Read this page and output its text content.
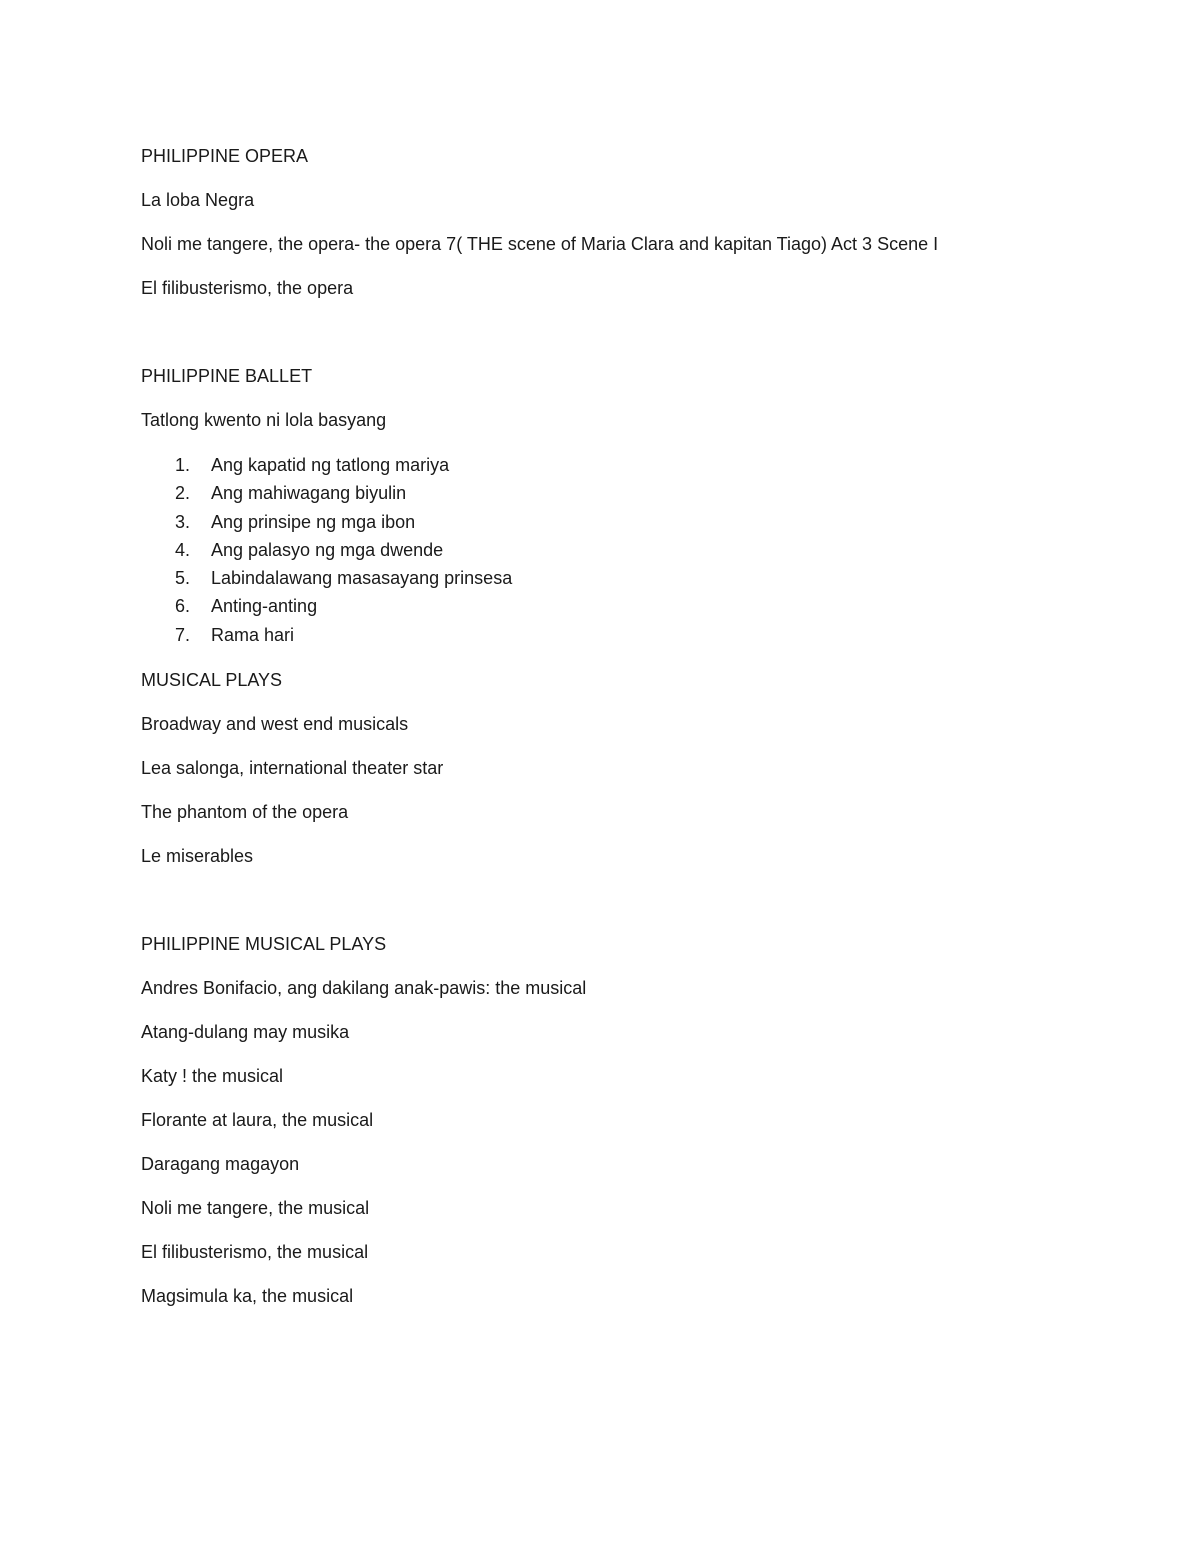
PHILIPPINE OPERA

La loba Negra

Noli me tangere, the opera- the opera 7( THE scene of Maria Clara and kapitan Tiago) Act 3 Scene I

El filibusterismo, the opera

PHILIPPINE BALLET

Tatlong kwento ni lola basyang

1.	Ang kapatid ng tatlong mariya
2.	Ang mahiwagang biyulin
3.	Ang prinsipe ng mga ibon
4.	Ang palasyo ng mga dwende
5.	Labindalawang masasayang prinsesa
6.	Anting-anting
7.	Rama hari

MUSICAL PLAYS

Broadway and west end musicals

Lea salonga, international theater star

The phantom of the opera

Le miserables

PHILIPPINE MUSICAL PLAYS

Andres Bonifacio, ang dakilang anak-pawis: the musical

Atang-dulang may musika

Katy ! the musical

Florante at laura, the musical

Daragang magayon

Noli me tangere, the musical

El filibusterismo, the musical

Magsimula ka, the musical
